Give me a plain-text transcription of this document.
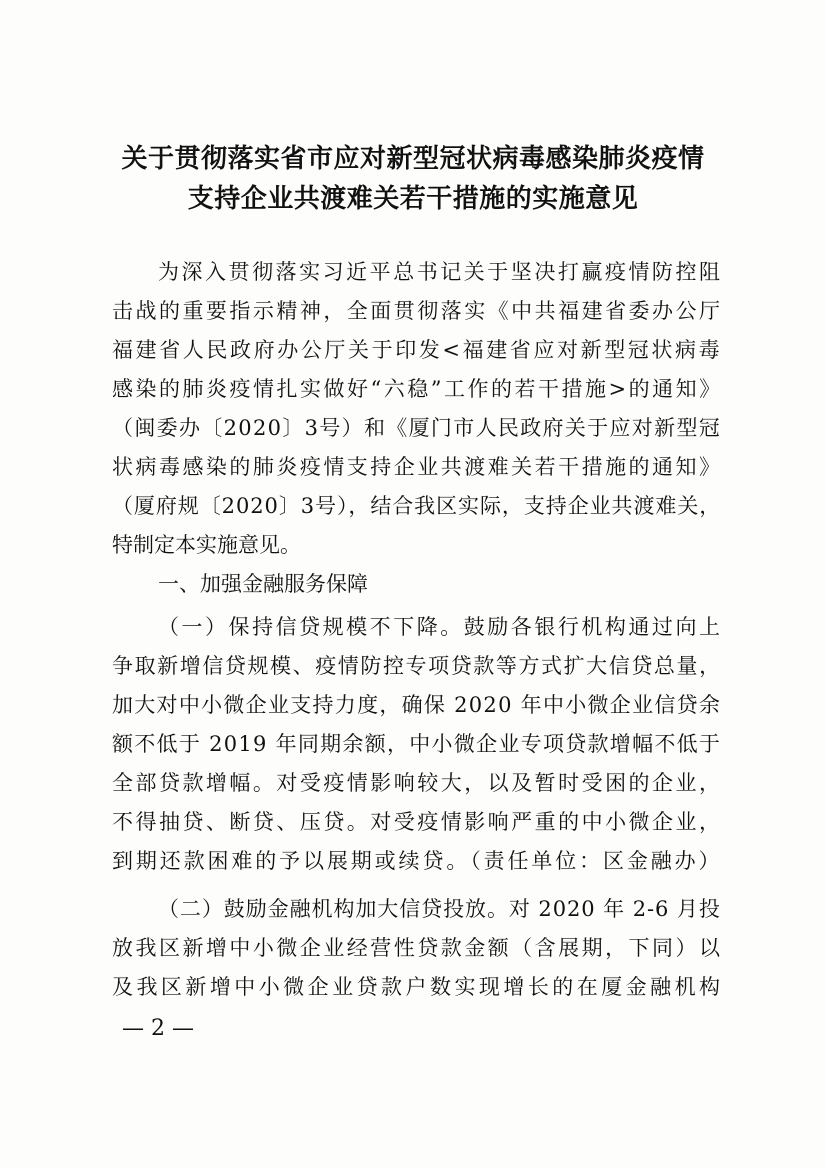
关于贯彻落实省市应对新型冠状病毒感染肺炎疫情
支持企业共渡难关若干措施的实施意见

为深入贯彻落实习近平总书记关于坚决打赢疫情防控阻

击战的重要指示精神，全面贯彻落实《中共福建省委办公厅

福建省人民政府办公厅关于印发<福建省应对新型冠状病毒

感染的肺炎疫情扎实做好“六稳”工作的若干措施>的通知》

（闽委办〔2020〕3号）和《厦门市人民政府关于应对新型冠

状病毒感染的肺炎疫情支持企业共渡难关若干措施的通知》

（厦府规〔2020〕3号），结合我区实际，支持企业共渡难关，

特制定本实施意见。

一、加强金融服务保障

（一）保持信贷规模不下降。鼓励各银行机构通过向上

争取新增信贷规模、疫情防控专项贷款等方式扩大信贷总量，

加大对中小微企业支持力度，确保 2020 年中小微企业信贷余

额不低于 2019 年同期余额，中小微企业专项贷款增幅不低于

全部贷款增幅。对受疫情影响较大，以及暂时受困的企业，

不得抽贷、断贷、压贷。对受疫情影响严重的中小微企业，

到期还款困难的予以展期或续贷。（责任单位：区金融办）

（二）鼓励金融机构加大信贷投放。对 2020 年 2-6 月投

放我区新增中小微企业经营性贷款金额（含展期，下同）以

及我区新增中小微企业贷款户数实现增长的在厦金融机构

— 2 —
